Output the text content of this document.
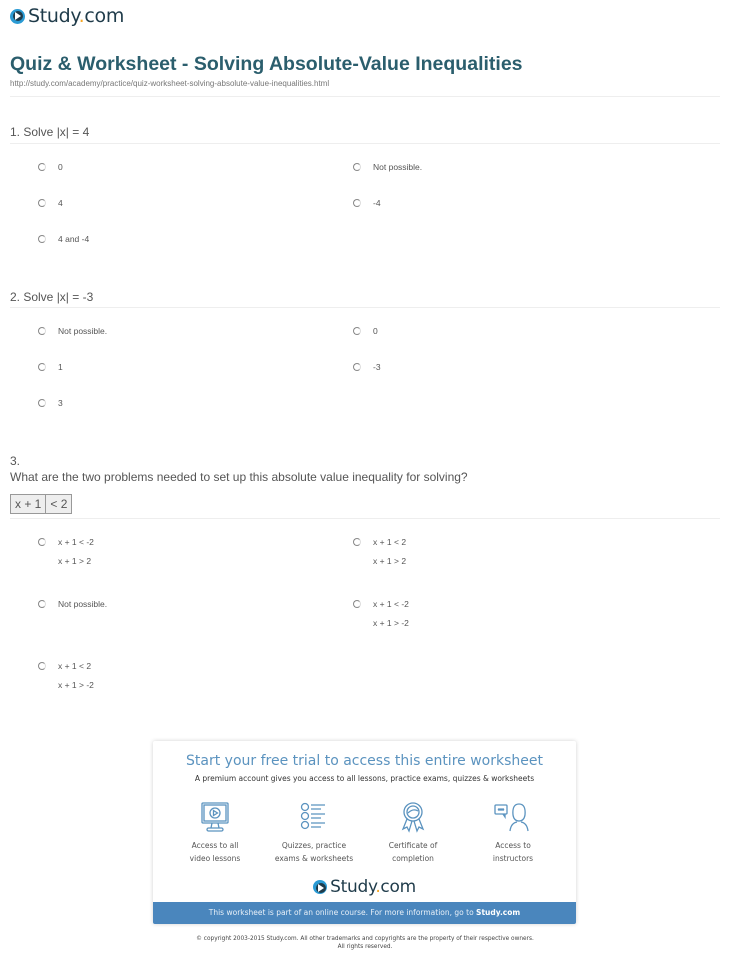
Study.com
Quiz & Worksheet - Solving Absolute-Value Inequalities
http://study.com/academy/practice/quiz-worksheet-solving-absolute-value-inequalities.html
1. Solve |x| = 4
0	Not possible.
4	-4
4 and -4
2. Solve |x| = -3
Not possible.	0
1	-3
3
3.
What are the two problems needed to set up this absolute value inequality for solving?
x + 1 < 2
x + 1 < -2
x + 1 > 2
x + 1 < 2
x + 1 > 2
Not possible.	x + 1 < -2
x + 1 > -2
x + 1 < 2
x + 1 > -2
Start your free trial to access this entire worksheet
A premium account gives you access to all lessons, practice exams, quizzes & worksheets
Access to all
video lessons
Quizzes, practice
exams & worksheets
Certificate of
completion
Access to
instructors
Study.com
This worksheet is part of an online course. For more information, go to Study.com
© copyright 2003-2015 Study.com. All other trademarks and copyrights are the property of their respective owners.
All rights reserved.
